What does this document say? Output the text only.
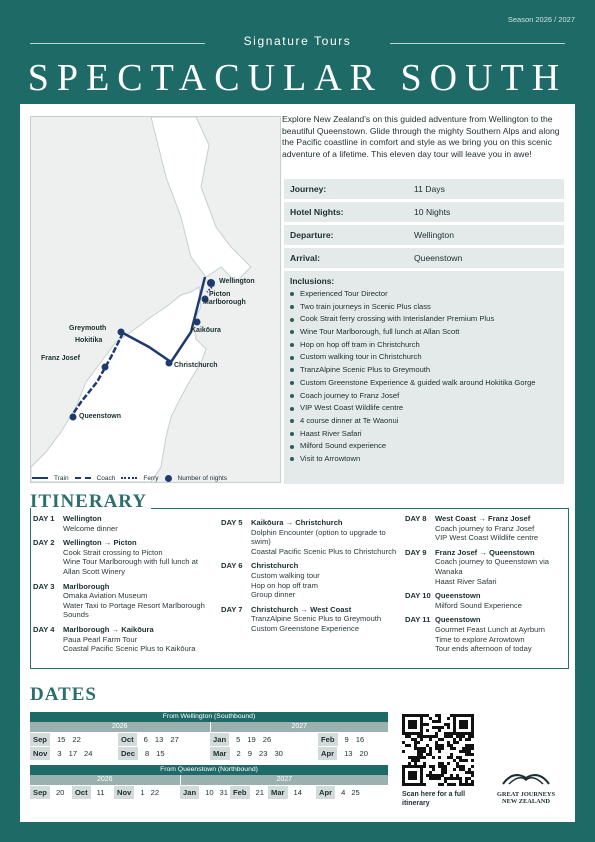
Season 2026 / 2027
Signature Tours
SPECTACULAR SOUTH
Wellington
Picton
Marlborough
Kaikōura
Christchurch
Greymouth
Hokitika
Franz Josef
Queenstown
Train	Coach	Ferry	Number of nights
Explore New Zealand’s on this guided adventure from Wellington to the beautiful Queenstown. Glide through the mighty Southern Alps and along the Pacific coastline in comfort and style as we bring you on this scenic adventure of a lifetime. This eleven day tour will leave you in awe!
Journey:	11 Days
Hotel Nights:	10 Nights
Departure:	Wellington
Arrival:	Queenstown
Inclusions:
Experienced Tour Director
Two train journeys in Scenic Plus class
Cook Strait ferry crossing with Interislander Premium Plus
Wine Tour Marlborough, full lunch at Allan Scott
Hop on hop off tram in Christchurch
Custom walking tour in Christchurch
TranzAlpine Scenic Plus to Greymouth
Custom Greenstone Experience & guided walk around Hokitika Gorge
Coach journey to Franz Josef
VIP West Coast Wildlife centre
4 course dinner at Te Waonui
Haast River Safari
Milford Sound experience
Visit to Arrowtown
ITINERARY
DAY 1	Wellington
Welcome dinner
DAY 2	Wellington → Picton
Cook Strait crossing to Picton
Wine Tour Marlborough with full lunch at Allan Scott Winery
DAY 3	Marlborough
Omaka Aviation Museum
Water Taxi to Portage Resort Marlborough Sounds
DAY 4	Marlborough → Kaikōura
Paua Pearl Farm Tour
Coastal Pacific Scenic Plus to Kaikōura
DAY 5	Kaikōura → Christchurch
Dolphin Encounter (option to upgrade to swim)
Coastal Pacific Scenic Plus to Christchurch
DAY 6	Christchurch
Custom walking tour
Hop on hop off tram
Group dinner
DAY 7	Christchurch → West Coast
TranzAlpine Scenic Plus to Greymouth
Custom Greenstone Experience
DAY 8	West Coast → Franz Josef
Coach journey to Franz Josef
VIP West Coast Wildlife centre
DAY 9	Franz Josef → Queenstown
Coach journey to Queenstown via Wanaka
Haast River Safari
DAY 10 Queenstown
Milford Sound Experience
DAY 11 Queenstown
Gourmet Feast Lunch at Ayrburn
Time to explore Arrowtown
Tour ends afternoon of today
DATES
From Wellington (Southbound)
2026	2027
Sep	15 22	Oct	6 13 27	Jan	5 19 26	Feb	9 16
Nov	3 17 24	Dec	8 15	Mar	2 9 23 30	Apr	13 20
From Queenstown (Northbound)
2026	2027
Sep	20	Oct	11	Nov	1 22	Jan	10 31 Feb	21 Mar	14	Apr	4 25	Scan here for a full itinerary
GREAT JOURNEYS
NEW ZEALAND
